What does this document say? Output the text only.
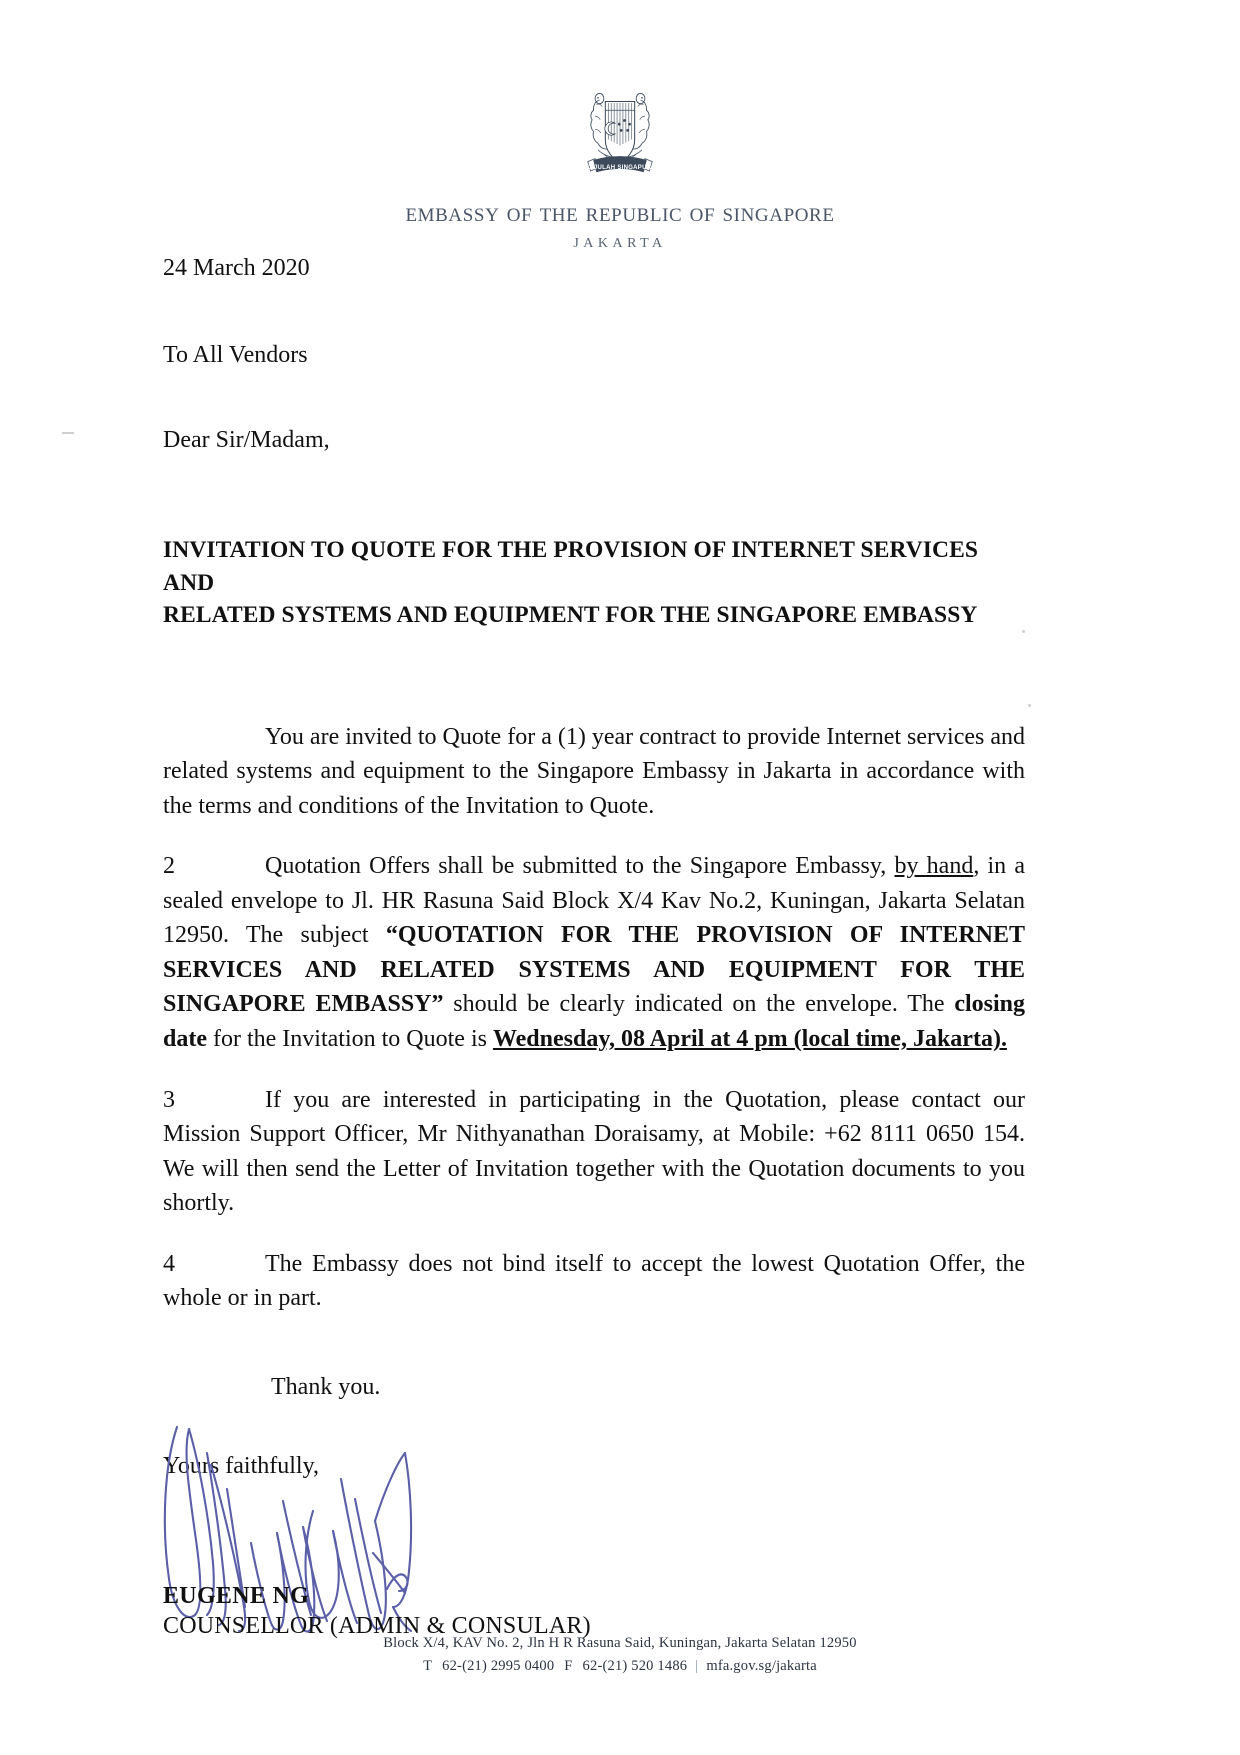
MAJULAH SINGAPURA
embassy of the republic of singapore
JAKARTA
24 March 2020
To All Vendors
Dear Sir/Madam,
INVITATION TO QUOTE FOR THE PROVISION OF INTERNET SERVICES AND
RELATED SYSTEMS AND EQUIPMENT FOR THE SINGAPORE EMBASSY

You are invited to Quote for a (1) year contract to provide Internet services and related systems and equipment to the Singapore Embassy in Jakarta in accordance with the terms and conditions of the Invitation to Quote.

2	Quotation Offers shall be submitted to the Singapore Embassy, by hand, in a sealed envelope to Jl. HR Rasuna Said Block X/4 Kav No.2, Kuningan, Jakarta Selatan 12950. The subject “QUOTATION FOR THE PROVISION OF INTERNET SERVICES AND RELATED SYSTEMS AND EQUIPMENT FOR THE SINGAPORE EMBASSY” should be clearly indicated on the envelope. The closing date for the Invitation to Quote is Wednesday, 08 April at 4 pm (local time, Jakarta).

3	If you are interested in participating in the Quotation, please contact our Mission Support Officer, Mr Nithyanathan Doraisamy, at Mobile: +62 8111 0650 154. We will then send the Letter of Invitation together with the Quotation documents to you shortly.

4	The Embassy does not bind itself to accept the lowest Quotation Offer, the whole or in part.

Thank you.
Yours faithfully,
EUGENE NG
COUNSELLOR (ADMIN & CONSULAR)
Block X/4, KAV No. 2, Jln H R Rasuna Said, Kuningan, Jakarta Selatan 12950
T 62-(21) 2995 0400 F 62-(21) 520 1486 | mfa.gov.sg/jakarta
